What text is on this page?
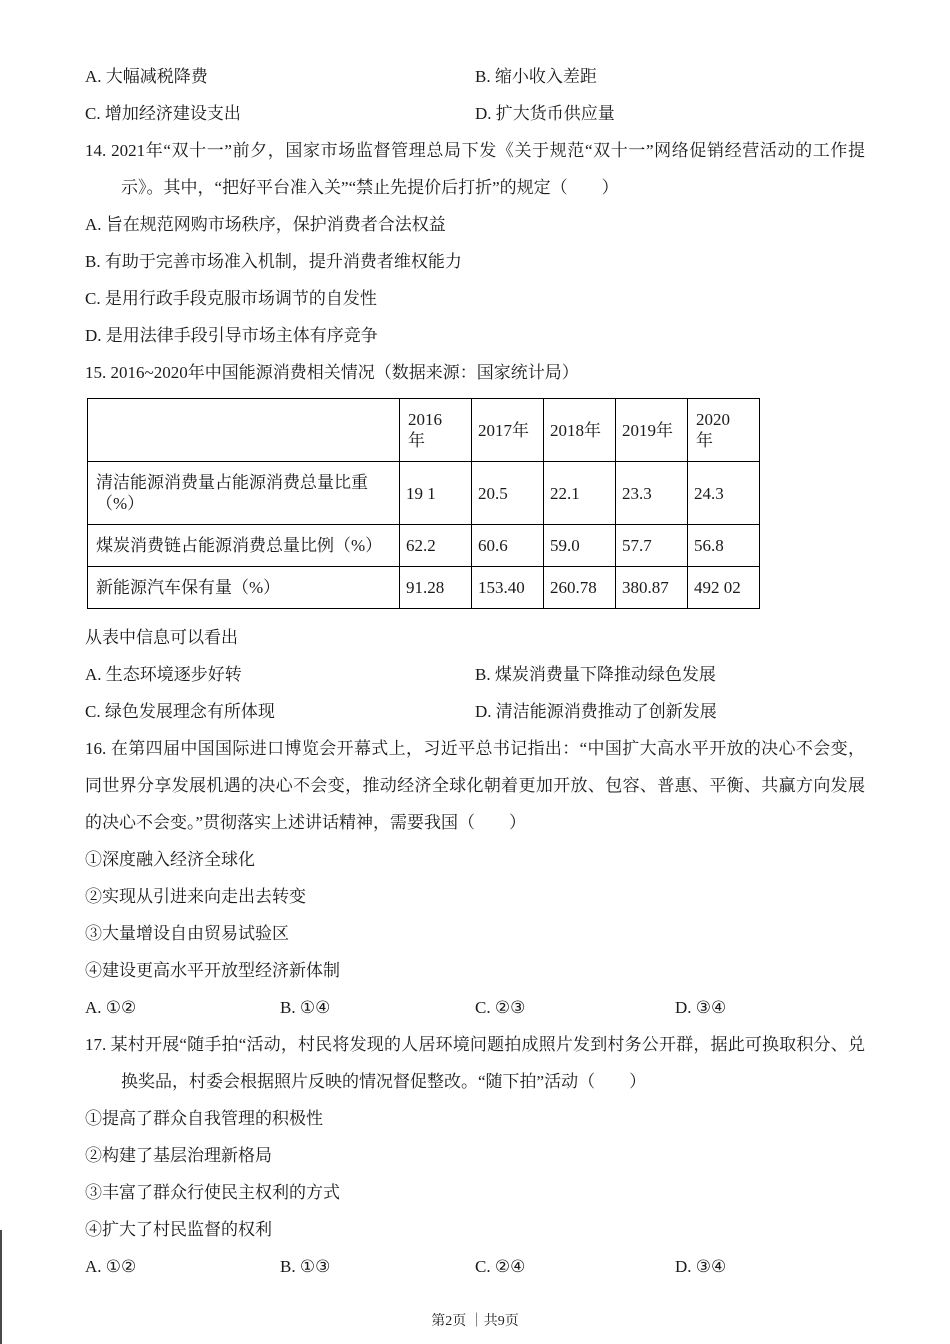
A. 大幅减税降费	B. 缩小收入差距
C. 增加经济建设支出	D. 扩大货币供应量
14. 2021年“双十一”前夕，国家市场监督管理总局下发《关于规范“双十一”网络促销经营活动的工作提示》。其中，“把好平台准入关”“禁止先提价后打折”的规定（　　）
A. 旨在规范网购市场秩序，保护消费者合法权益
B. 有助于完善市场准入机制，提升消费者维权能力
C. 是用行政手段克服市场调节的自发性
D. 是用法律手段引导市场主体有序竞争
15. 2016~2020年中国能源消费相关情况（数据来源：国家统计局）
	2016 年	2017年	2018年	2019年	2020 年
清洁能源消费量占能源消费总量比重（%）	19 1	20.5	22.1	23.3	24.3
煤炭消费链占能源消费总量比例（%）	62.2	60.6	59.0	57.7	56.8
新能源汽车保有量（%）	91.28	153.40	260.78	380.87	492 02
从表中信息可以看出
A. 生态环境逐步好转	B. 煤炭消费量下降推动绿色发展
C. 绿色发展理念有所体现	D. 清洁能源消费推动了创新发展
16. 在第四届中国国际进口博览会开幕式上，习近平总书记指出：“中国扩大高水平开放的决心不会变，同世界分享发展机遇的决心不会变，推动经济全球化朝着更加开放、包容、普惠、平衡、共赢方向发展的决心不会变。”贯彻落实上述讲话精神，需要我国（　　）
①深度融入经济全球化
②实现从引进来向走出去转变
③大量增设自由贸易试验区
④建设更高水平开放型经济新体制
A. ①②	B. ①④	C. ②③	D. ③④
17. 某村开展“随手拍“活动，村民将发现的人居环境问题拍成照片发到村务公开群，据此可换取积分、兑换奖品，村委会根据照片反映的情况督促整改。“随下拍”活动（　　）
①提高了群众自我管理的积极性
②构建了基层治理新格局
③丰富了群众行使民主权利的方式
④扩大了村民监督的权利
A. ①②	B. ①③	C. ②④	D. ③④
第2页 ｜共9页
